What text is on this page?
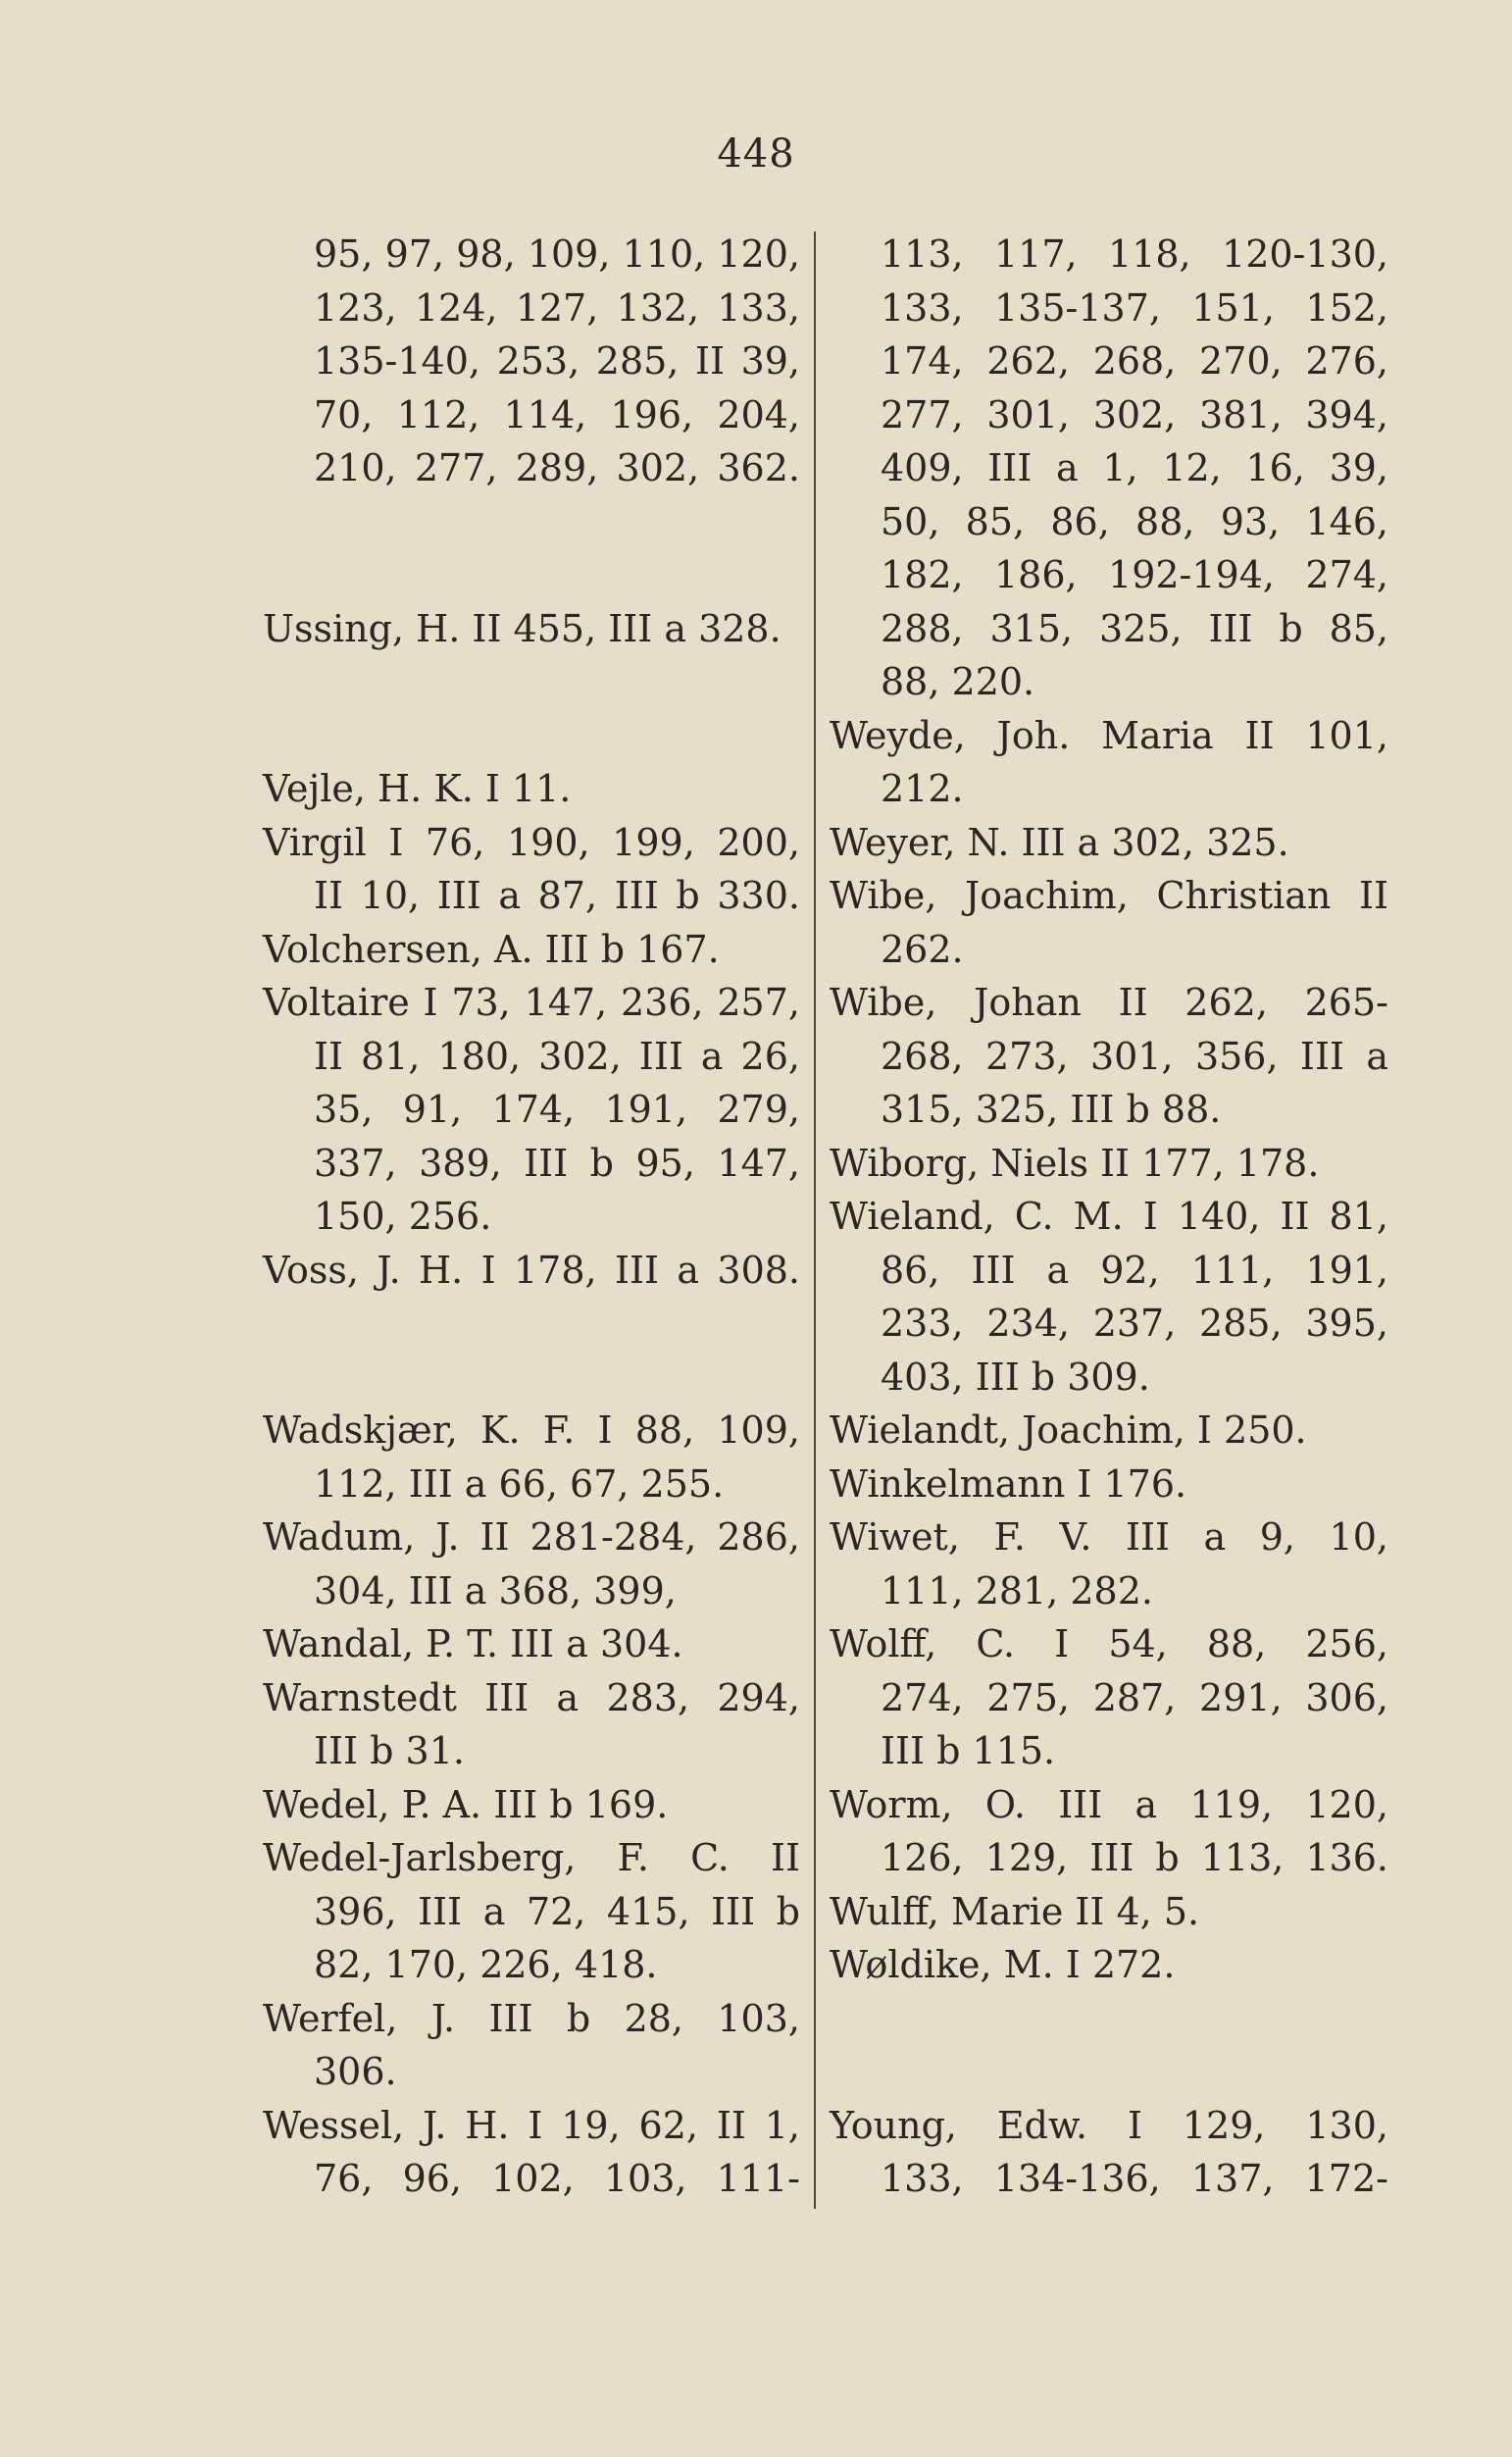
448
95, 97, 98, 109, 110, 120,
123, 124, 127, 132, 133,
135-140, 253, 285, II 39,
70, 112, 114, 196, 204,
210, 277, 289, 302, 362.
Ussing, H. II 455, III a 328.
Vejle, H. K. I 11.
Virgil I 76, 190, 199, 200,
II 10, III a 87, III b 330.
Volchersen, A. III b 167.
Voltaire I 73, 147, 236, 257,
II 81, 180, 302, III a 26,
35, 91, 174, 191, 279,
337, 389, III b 95, 147,
150, 256.
Voss, J. H. I 178, III a 308.
Wadskjær, K. F. I 88, 109,
112, III a 66, 67, 255.
Wadum, J. II 281-284, 286,
304, III a 368, 399,
Wandal, P. T. III a 304.
Warnstedt III a 283, 294,
III b 31.
Wedel, P. A. III b 169.
Wedel-Jarlsberg, F. C. II
396, III a 72, 415, III b
82, 170, 226, 418.
Werfel, J. III b 28, 103,
306.
Wessel, J. H. I 19, 62, II 1,
76, 96, 102, 103, 111-
113, 117, 118, 120-130,
133, 135-137, 151, 152,
174, 262, 268, 270, 276,
277, 301, 302, 381, 394,
409, III a 1, 12, 16, 39,
50, 85, 86, 88, 93, 146,
182, 186, 192-194, 274,
288, 315, 325, III b 85,
88, 220.
Weyde, Joh. Maria II 101,
212.
Weyer, N. III a 302, 325.
Wibe, Joachim, Christian II
262.
Wibe, Johan II 262, 265-
268, 273, 301, 356, III a
315, 325, III b 88.
Wiborg, Niels II 177, 178.
Wieland, C. M. I 140, II 81,
86, III a 92, 111, 191,
233, 234, 237, 285, 395,
403, III b 309.
Wielandt, Joachim, I 250.
Winkelmann I 176.
Wiwet, F. V. III a 9, 10,
111, 281, 282.
Wolff, C. I 54, 88, 256,
274, 275, 287, 291, 306,
III b 115.
Worm, O. III a 119, 120,
126, 129, III b 113, 136.
Wulff, Marie II 4, 5.
Wøldike, M. I 272.
Young, Edw. I 129, 130,
133, 134-136, 137, 172-
